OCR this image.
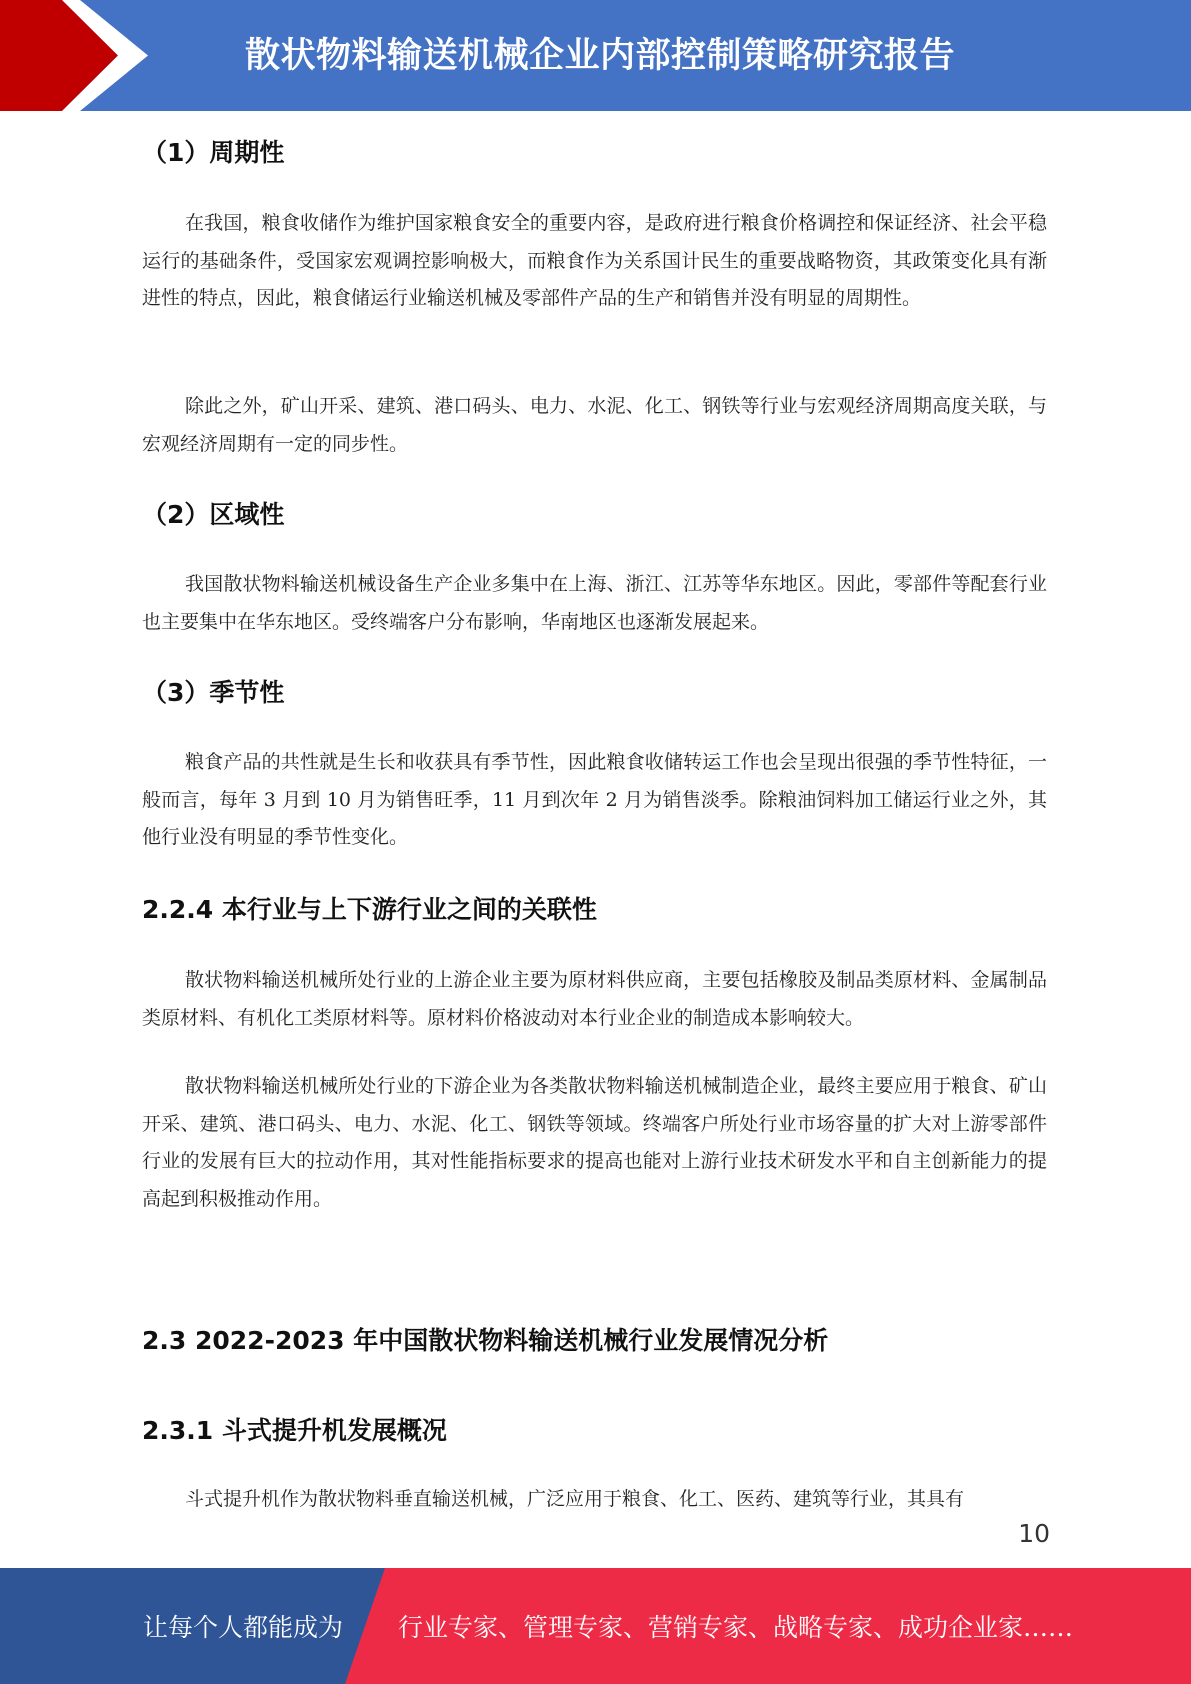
散状物料输送机械企业内部控制策略研究报告
（1）周期性
在我国，粮食收储作为维护国家粮食安全的重要内容，是政府进行粮食价格调控和保证经济、社会平稳运行的基础条件，受国家宏观调控影响极大，而粮食作为关系国计民生的重要战略物资，其政策变化具有渐进性的特点，因此，粮食储运行业输送机械及零部件产品的生产和销售并没有明显的周期性。
除此之外，矿山开采、建筑、港口码头、电力、水泥、化工、钢铁等行业与宏观经济周期高度关联，与宏观经济周期有一定的同步性。
（2）区域性
我国散状物料输送机械设备生产企业多集中在上海、浙江、江苏等华东地区。因此，零部件等配套行业也主要集中在华东地区。受终端客户分布影响，华南地区也逐渐发展起来。
（3）季节性
粮食产品的共性就是生长和收获具有季节性，因此粮食收储转运工作也会呈现出很强的季节性特征，一般而言，每年 3 月到 10 月为销售旺季，11 月到次年 2 月为销售淡季。除粮油饲料加工储运行业之外，其他行业没有明显的季节性变化。
2.2.4 本行业与上下游行业之间的关联性
散状物料输送机械所处行业的上游企业主要为原材料供应商，主要包括橡胶及制品类原材料、金属制品类原材料、有机化工类原材料等。原材料价格波动对本行业企业的制造成本影响较大。
散状物料输送机械所处行业的下游企业为各类散状物料输送机械制造企业，最终主要应用于粮食、矿山开采、建筑、港口码头、电力、水泥、化工、钢铁等领域。终端客户所处行业市场容量的扩大对上游零部件行业的发展有巨大的拉动作用，其对性能指标要求的提高也能对上游行业技术研发水平和自主创新能力的提高起到积极推动作用。
2.3 2022-2023 年中国散状物料输送机械行业发展情况分析
2.3.1 斗式提升机发展概况
斗式提升机作为散状物料垂直输送机械，广泛应用于粮食、化工、医药、建筑等行业，其具有
10
让每个人都能成为 行业专家、管理专家、营销专家、战略专家、成功企业家……
